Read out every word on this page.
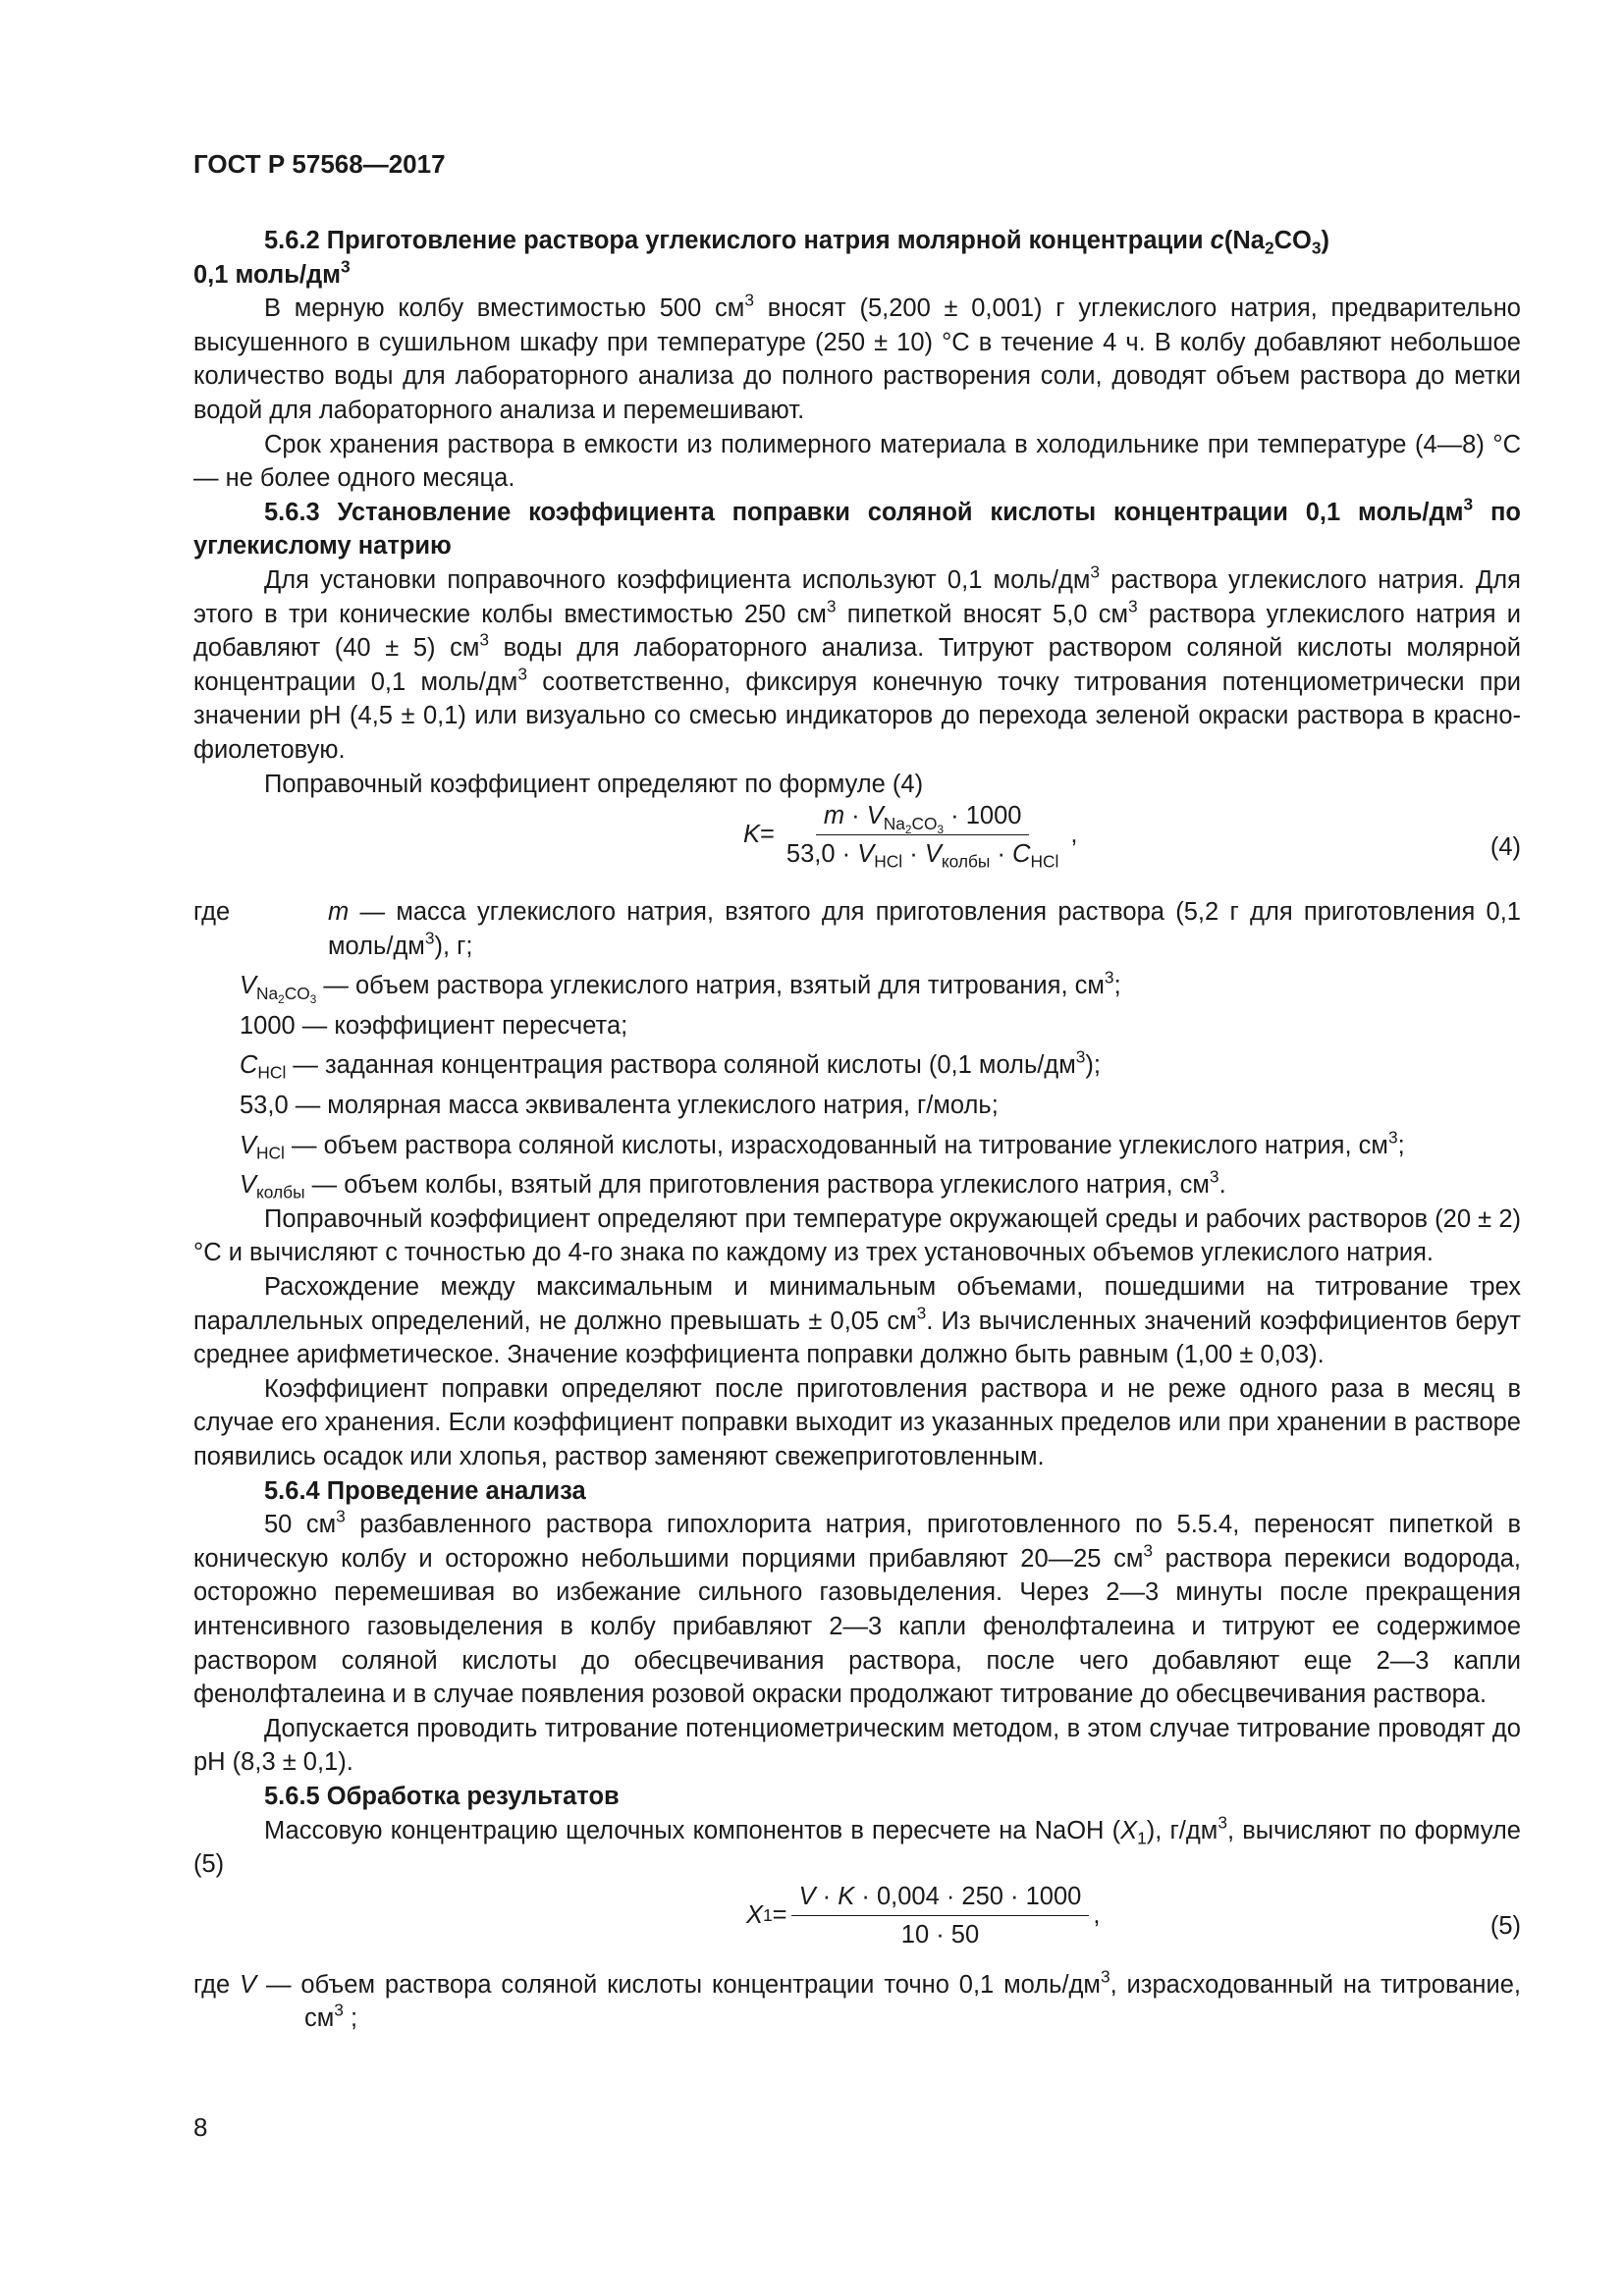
ГОСТ Р 57568—2017

5.6.2 Приготовление раствора углекислого натрия молярной концентрации $c(Na_2CO_3)$

0,1 моль/$дм^3$

В мерную колбу вместимостью 500 $см^3$ вносят (5,200 ± 0,001) г углекислого натрия, предварительно высушенного в сушильном шкафу при температуре (250 ± 10) °С в течение 4 ч. В колбу добавляют небольшое количество воды для лабораторного анализа до полного растворения соли, доводят объем раствора до метки водой для лабораторного анализа и перемешивают.

Срок хранения раствора в емкости из полимерного материала в холодильнике при температуре (4—8) °С — не более одного месяца.

5.6.3 Установление коэффициента поправки соляной кислоты концентрации 0,1 моль/$дм^3$ по углекислому натрию

Для установки поправочного коэффициента используют 0,1 моль/$дм^3$ раствора углекислого натрия. Для этого в три конические колбы вместимостью 250 $см^3$ пипеткой вносят 5,0 $см^3$ раствора углекислого натрия и добавляют (40 ± 5) $см^3$ воды для лабораторного анализа. Титруют раствором соляной кислоты молярной концентрации 0,1 моль/$дм^3$ соответственно, фиксируя конечную точку титрования потенциометрически при значении рН (4,5 ± 0,1) или визуально со смесью индикаторов до перехода зеленой окраски раствора в красно-фиолетовую.

Поправочный коэффициент определяют по формуле (4)

$K = \frac{m \cdot V_{Na_2CO_3} \cdot 1000}{53,0 \cdot V_{HCl} \cdot V_{колбы} \cdot C_{HCl}}$ ,	(4)
где	m — масса углекислого натрия, взятого для приготовления раствора (5,2 г для приготовления 0,1 моль/$дм^3$), г;
$V_{Na_2CO_3}$ — объем раствора углекислого натрия, взятый для титрования, $см^3$;
1000 — коэффициент пересчета;
$C_{HCl}$ — заданная концентрация раствора соляной кислоты (0,1 моль/$дм^3$);
53,0 — молярная масса эквивалента углекислого натрия, г/моль;
$V_{HCl}$ — объем раствора соляной кислоты, израсходованный на титрование углекислого натрия, $см^3$;
$V_{колбы}$ — объем колбы, взятый для приготовления раствора углекислого натрия, $см^3$.

Поправочный коэффициент определяют при температуре окружающей среды и рабочих растворов (20 ± 2) °С и вычисляют с точностью до 4-го знака по каждому из трех установочных объемов углекислого натрия.

Расхождение между максимальным и минимальным объемами, пошедшими на титрование трех параллельных определений, не должно превышать ± 0,05 $см^3$. Из вычисленных значений коэффициентов берут среднее арифметическое. Значение коэффициента поправки должно быть равным (1,00 ± 0,03).

Коэффициент поправки определяют после приготовления раствора и не реже одного раза в месяц в случае его хранения. Если коэффициент поправки выходит из указанных пределов или при хранении в растворе появились осадок или хлопья, раствор заменяют свежеприготовленным.

5.6.4 Проведение анализа

50 $см^3$ разбавленного раствора гипохлорита натрия, приготовленного по 5.5.4, переносят пипеткой в коническую колбу и осторожно небольшими порциями прибавляют 20—25 $см^3$ раствора перекиси водорода, осторожно перемешивая во избежание сильного газовыделения. Через 2—3 минуты после прекращения интенсивного газовыделения в колбу прибавляют 2—3 капли фенолфталеина и титруют ее содержимое раствором соляной кислоты до обесцвечивания раствора, после чего добавляют еще 2—3 капли фенолфталеина и в случае появления розовой окраски продолжают титрование до обесцвечивания раствора.

Допускается проводить титрование потенциометрическим методом, в этом случае титрование проводят до рН (8,3 ± 0,1).

5.6.5 Обработка результатов

Массовую концентрацию щелочных компонентов в пересчете на NaOH $(X_1)$, $г/дм^3$, вычисляют по формуле (5)

X $1 = \frac{V \cdot K \cdot 0,004 \cdot 250 \cdot 1000}{10 \cdot 50}$ ,	(5)
где V — объем раствора соляной кислоты концентрации точно 0,1 моль/$дм^3$, израсходованный на титрование, $см^3$ ;
8
